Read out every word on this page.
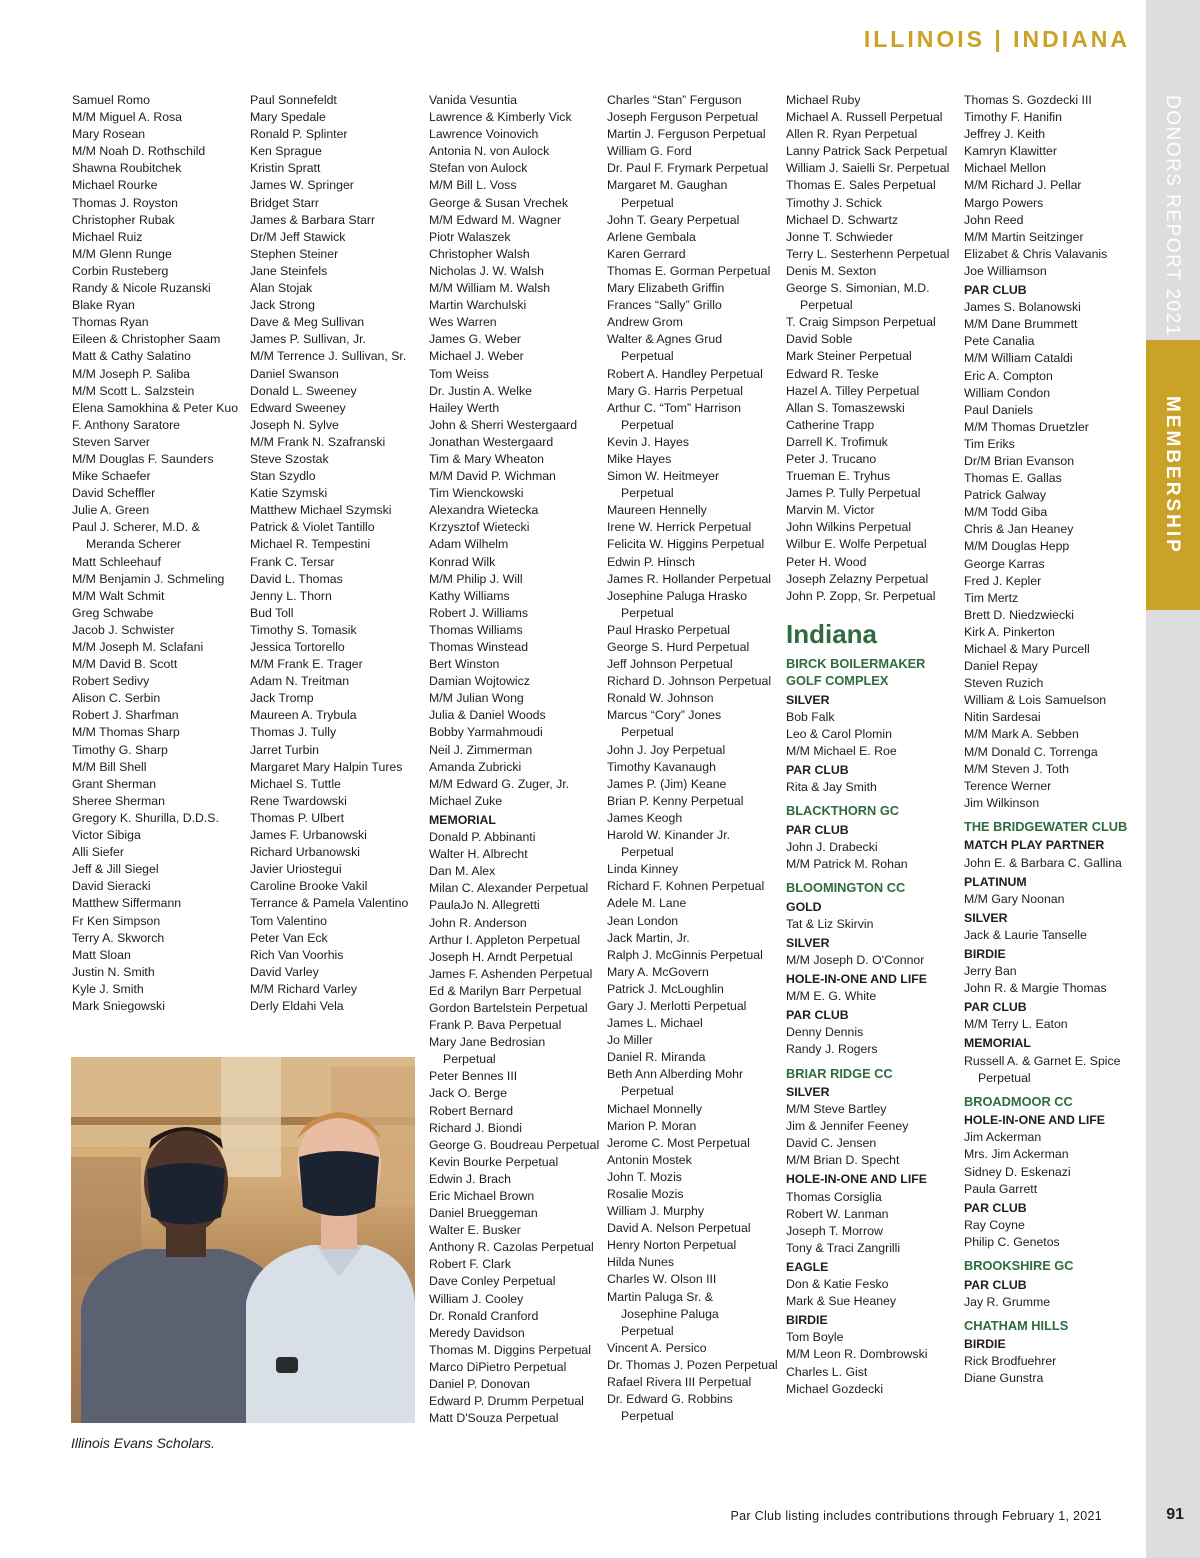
ILLINOIS | INDIANA
DONORS REPORT 2021
MEMBERSHIP
Samuel Romo
M/M Miguel A. Rosa
Mary Rosean
M/M Noah D. Rothschild
Shawna Roubitchek
Michael Rourke
Thomas J. Royston
Christopher Rubak
Michael Ruiz
M/M Glenn Runge
Corbin Rusteberg
Randy & Nicole Ruzanski
Blake Ryan
Thomas Ryan
Eileen & Christopher Saam
Matt & Cathy Salatino
M/M Joseph P. Saliba
M/M Scott L. Salzstein
Elena Samokhina & Peter Kuo
F. Anthony Saratore
Steven Sarver
M/M Douglas F. Saunders
Mike Schaefer
David Scheffler
Julie A. Green
Paul J. Scherer, M.D. &
Meranda Scherer
Matt Schleehauf
M/M Benjamin J. Schmeling
M/M Walt Schmit
Greg Schwabe
Jacob J. Schwister
M/M Joseph M. Sclafani
M/M David B. Scott
Robert Sedivy
Alison C. Serbin
Robert J. Sharfman
M/M Thomas Sharp
Timothy G. Sharp
M/M Bill Shell
Grant Sherman
Sheree Sherman
Gregory K. Shurilla, D.D.S.
Victor Sibiga
Alli Siefer
Jeff & Jill Siegel
David Sieracki
Matthew Siffermann
Fr Ken Simpson
Terry A. Skworch
Matt Sloan
Justin N. Smith
Kyle J. Smith
Mark Sniegowski
Paul Sonnefeldt
Mary Spedale
Ronald P. Splinter
Ken Sprague
Kristin Spratt
James W. Springer
Bridget Starr
James & Barbara Starr
Dr/M Jeff Stawick
Stephen Steiner
Jane Steinfels
Alan Stojak
Jack Strong
Dave & Meg Sullivan
James P. Sullivan, Jr.
M/M Terrence J. Sullivan, Sr.
Daniel Swanson
Donald L. Sweeney
Edward Sweeney
Joseph N. Sylve
M/M Frank N. Szafranski
Steve Szostak
Stan Szydlo
Katie Szymski
Matthew Michael Szymski
Patrick & Violet Tantillo
Michael R. Tempestini
Frank C. Tersar
David L. Thomas
Jenny L. Thorn
Bud Toll
Timothy S. Tomasik
Jessica Tortorello
M/M Frank E. Trager
Adam N. Treitman
Jack Tromp
Maureen A. Trybula
Thomas J. Tully
Jarret Turbin
Margaret Mary Halpin Tures
Michael S. Tuttle
Rene Twardowski
Thomas P. Ulbert
James F. Urbanowski
Richard Urbanowski
Javier Uriostegui
Caroline Brooke Vakil
Terrance & Pamela Valentino
Tom Valentino
Peter Van Eck
Rich Van Voorhis
David Varley
M/M Richard Varley
Derly Eldahi Vela
Vanida Vesuntia
Lawrence & Kimberly Vick
Lawrence Voinovich
Antonia N. von Aulock
Stefan von Aulock
M/M Bill L. Voss
George & Susan Vrechek
M/M Edward M. Wagner
Piotr Walaszek
Christopher Walsh
Nicholas J. W. Walsh
M/M William M. Walsh
Martin Warchulski
Wes Warren
James G. Weber
Michael J. Weber
Tom Weiss
Dr. Justin A. Welke
Hailey Werth
John & Sherri Westergaard
Jonathan Westergaard
Tim & Mary Wheaton
M/M David P. Wichman
Tim Wienckowski
Alexandra Wietecka
Krzysztof Wietecki
Adam Wilhelm
Konrad Wilk
M/M Philip J. Will
Kathy Williams
Robert J. Williams
Thomas Williams
Thomas Winstead
Bert Winston
Damian Wojtowicz
M/M Julian Wong
Julia & Daniel Woods
Bobby Yarmahmoudi
Neil J. Zimmerman
Amanda Zubricki
M/M Edward G. Zuger, Jr.
Michael Zuke
MEMORIAL
Donald P. Abbinanti
Walter H. Albrecht
Dan M. Alex
Milan C. Alexander Perpetual
PaulaJo N. Allegretti
John R. Anderson
Arthur I. Appleton Perpetual
Joseph H. Arndt Perpetual
James F. Ashenden Perpetual
Ed & Marilyn Barr Perpetual
Gordon Bartelstein Perpetual
Frank P. Bava Perpetual
Mary Jane Bedrosian
Perpetual
Peter Bennes III
Jack O. Berge
Robert Bernard
Richard J. Biondi
George G. Boudreau Perpetual
Kevin Bourke Perpetual
Edwin J. Brach
Eric Michael Brown
Daniel Brueggeman
Walter E. Busker
Anthony R. Cazolas Perpetual
Robert F. Clark
Dave Conley Perpetual
William J. Cooley
Dr. Ronald Cranford
Meredy Davidson
Thomas M. Diggins Perpetual
Marco DiPietro Perpetual
Daniel P. Donovan
Edward P. Drumm Perpetual
Matt D'Souza Perpetual
Charles “Stan” Ferguson
Joseph Ferguson Perpetual
Martin J. Ferguson Perpetual
William G. Ford
Dr. Paul F. Frymark Perpetual
Margaret M. Gaughan
Perpetual
John T. Geary Perpetual
Arlene Gembala
Karen Gerrard
Thomas E. Gorman Perpetual
Mary Elizabeth Griffin
Frances “Sally” Grillo
Andrew Grom
Walter & Agnes Grud
Perpetual
Robert A. Handley Perpetual
Mary G. Harris Perpetual
Arthur C. “Tom” Harrison
Perpetual
Kevin J. Hayes
Mike Hayes
Simon W. Heitmeyer
Perpetual
Maureen Hennelly
Irene W. Herrick Perpetual
Felicita W. Higgins Perpetual
Edwin P. Hinsch
James R. Hollander Perpetual
Josephine Paluga Hrasko
Perpetual
Paul Hrasko Perpetual
George S. Hurd Perpetual
Jeff Johnson Perpetual
Richard D. Johnson Perpetual
Ronald W. Johnson
Marcus “Cory” Jones
Perpetual
John J. Joy Perpetual
Timothy Kavanaugh
James P. (Jim) Keane
Brian P. Kenny Perpetual
James Keogh
Harold W. Kinander Jr.
Perpetual
Linda Kinney
Richard F. Kohnen Perpetual
Adele M. Lane
Jean London
Jack Martin, Jr.
Ralph J. McGinnis Perpetual
Mary A. McGovern
Patrick J. McLoughlin
Gary J. Merlotti Perpetual
James L. Michael
Jo Miller
Daniel R. Miranda
Beth Ann Alberding Mohr
Perpetual
Michael Monnelly
Marion P. Moran
Jerome C. Most Perpetual
Antonin Mostek
John T. Mozis
Rosalie Mozis
William J. Murphy
David A. Nelson Perpetual
Henry Norton Perpetual
Hilda Nunes
Charles W. Olson III
Martin Paluga Sr. &
Josephine Paluga
Perpetual
Vincent A. Persico
Dr. Thomas J. Pozen Perpetual
Rafael Rivera III Perpetual
Dr. Edward G. Robbins
Perpetual
Michael Ruby
Michael A. Russell Perpetual
Allen R. Ryan Perpetual
Lanny Patrick Sack Perpetual
William J. Saielli Sr. Perpetual
Thomas E. Sales Perpetual
Timothy J. Schick
Michael D. Schwartz
Jonne T. Schwieder
Terry L. Sesterhenn Perpetual
Denis M. Sexton
George S. Simonian, M.D.
Perpetual
T. Craig Simpson Perpetual
David Soble
Mark Steiner Perpetual
Edward R. Teske
Hazel A. Tilley Perpetual
Allan S. Tomaszewski
Catherine Trapp
Darrell K. Trofimuk
Peter J. Trucano
Trueman E. Tryhus
James P. Tully Perpetual
Marvin M. Victor
John Wilkins Perpetual
Wilbur E. Wolfe Perpetual
Peter H. Wood
Joseph Zelazny Perpetual
John P. Zopp, Sr. Perpetual
Indiana
BIRCK BOILERMAKER GOLF COMPLEX
SILVER
Bob Falk
Leo & Carol Plomin
M/M Michael E. Roe
PAR CLUB
Rita & Jay Smith
BLACKTHORN GC
PAR CLUB
John J. Drabecki
M/M Patrick M. Rohan
BLOOMINGTON CC
GOLD
Tat & Liz Skirvin
SILVER
M/M Joseph D. O'Connor
HOLE-IN-ONE AND LIFE
M/M E. G. White
PAR CLUB
Denny Dennis
Randy J. Rogers
BRIAR RIDGE CC
SILVER
M/M Steve Bartley
Jim & Jennifer Feeney
David C. Jensen
M/M Brian D. Specht
HOLE-IN-ONE AND LIFE
Thomas Corsiglia
Robert W. Lanman
Joseph T. Morrow
Tony & Traci Zangrilli
EAGLE
Don & Katie Fesko
Mark & Sue Heaney
BIRDIE
Tom Boyle
M/M Leon R. Dombrowski
Charles L. Gist
Michael Gozdecki
Thomas S. Gozdecki III
Timothy F. Hanifin
Jeffrey J. Keith
Kamryn Klawitter
Michael Mellon
M/M Richard J. Pellar
Margo Powers
John Reed
M/M Martin Seitzinger
Elizabet & Chris Valavanis
Joe Williamson
PAR CLUB
James S. Bolanowski
M/M Dane Brummett
Pete Canalia
M/M William Cataldi
Eric A. Compton
William Condon
Paul Daniels
M/M Thomas Druetzler
Tim Eriks
Dr/M Brian Evanson
Thomas E. Gallas
Patrick Galway
M/M Todd Giba
Chris & Jan Heaney
M/M Douglas Hepp
George Karras
Fred J. Kepler
Tim Mertz
Brett D. Niedzwiecki
Kirk A. Pinkerton
Michael & Mary Purcell
Daniel Repay
Steven Ruzich
William & Lois Samuelson
Nitin Sardesai
M/M Mark A. Sebben
M/M Donald C. Torrenga
M/M Steven J. Toth
Terence Werner
Jim Wilkinson
THE BRIDGEWATER CLUB
MATCH PLAY PARTNER
John E. & Barbara C. Gallina
PLATINUM
M/M Gary Noonan
SILVER
Jack & Laurie Tanselle
BIRDIE
Jerry Ban
John R. & Margie Thomas
PAR CLUB
M/M Terry L. Eaton
MEMORIAL
Russell A. & Garnet E. Spice
Perpetual
BROADMOOR CC
HOLE-IN-ONE AND LIFE
Jim Ackerman
Mrs. Jim Ackerman
Sidney D. Eskenazi
Paula Garrett
PAR CLUB
Ray Coyne
Philip C. Genetos
BROOKSHIRE GC
PAR CLUB
Jay R. Grumme
CHATHAM HILLS
BIRDIE
Rick Brodfuehrer
Diane Gunstra
Illinois Evans Scholars.
Par Club listing includes contributions through February 1, 2021	91
